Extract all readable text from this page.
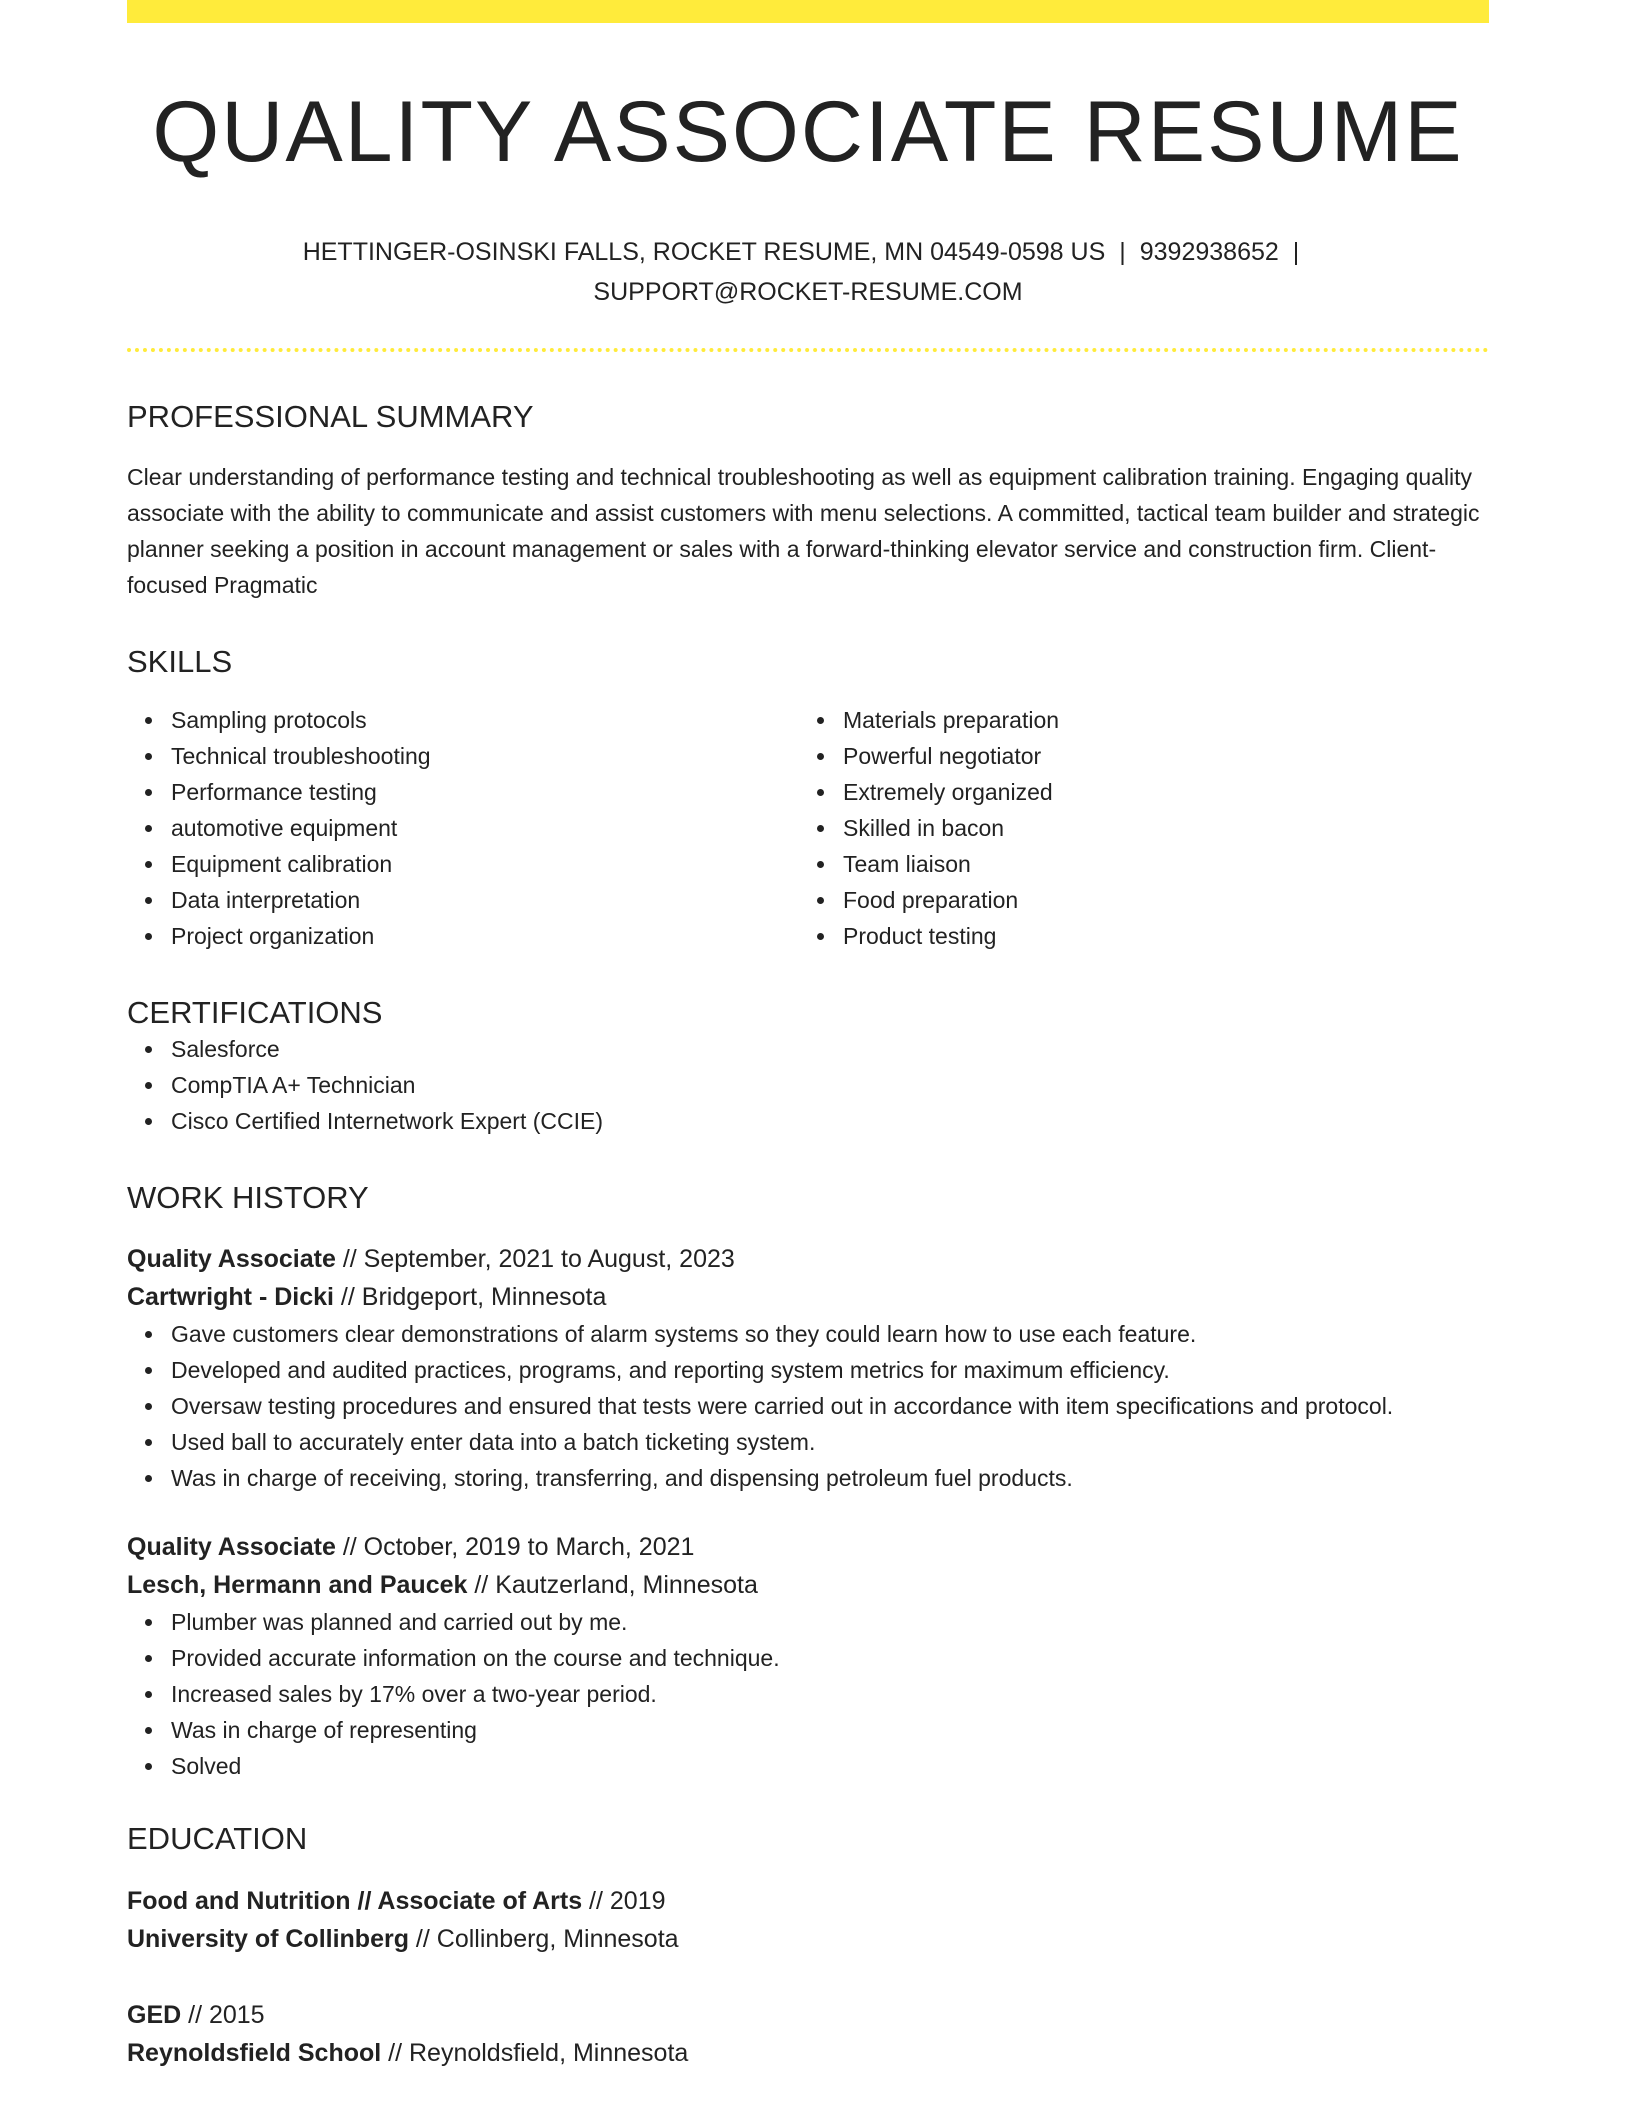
QUALITY ASSOCIATE RESUME
HETTINGER-OSINSKI FALLS, ROCKET RESUME, MN 04549-0598 US | 9392938652 |
SUPPORT@ROCKET-RESUME.COM
PROFESSIONAL SUMMARY

Clear understanding of performance testing and technical troubleshooting as well as equipment calibration training. Engaging quality associate with the ability to communicate and assist customers with menu selections. A committed, tactical team builder and strategic planner seeking a position in account management or sales with a forward-thinking elevator service and construction firm. Client-focused Pragmatic

SKILLS
Sampling protocols
Technical troubleshooting
Performance testing
automotive equipment
Equipment calibration
Data interpretation
Project organization
Materials preparation
Powerful negotiator
Extremely organized
Skilled in bacon
Team liaison
Food preparation
Product testing
CERTIFICATIONS
Salesforce
CompTIA A+ Technician
Cisco Certified Internetwork Expert (CCIE)
WORK HISTORY
Quality Associate // September, 2021 to August, 2023
Cartwright - Dicki // Bridgeport, Minnesota
Gave customers clear demonstrations of alarm systems so they could learn how to use each feature.
Developed and audited practices, programs, and reporting system metrics for maximum efficiency.
Oversaw testing procedures and ensured that tests were carried out in accordance with item specifications and protocol.
Used ball to accurately enter data into a batch ticketing system.
Was in charge of receiving, storing, transferring, and dispensing petroleum fuel products.
Quality Associate // October, 2019 to March, 2021
Lesch, Hermann and Paucek // Kautzerland, Minnesota
Plumber was planned and carried out by me.
Provided accurate information on the course and technique.
Increased sales by 17% over a two-year period.
Was in charge of representing
Solved
EDUCATION
Food and Nutrition // Associate of Arts // 2019
University of Collinberg // Collinberg, Minnesota
GED // 2015
Reynoldsfield School // Reynoldsfield, Minnesota
